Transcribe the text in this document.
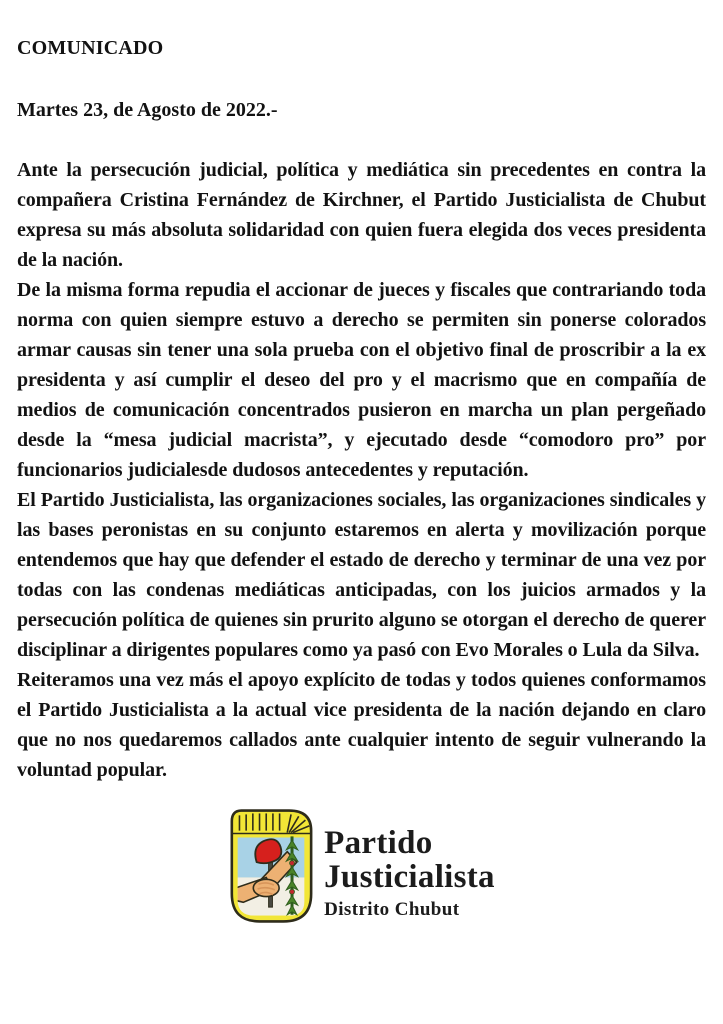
COMUNICADO
Martes 23, de Agosto de 2022.-

Ante la persecución judicial, política y mediática sin precedentes en contra la compañera Cristina Fernández de Kirchner, el Partido Justicialista de Chubut expresa su más absoluta solidaridad con quien fuera elegida dos veces presidenta de la nación.

De la misma forma repudia el accionar de jueces y fiscales que contrariando toda norma con quien siempre estuvo a derecho se permiten sin ponerse colorados armar causas sin tener una sola prueba con el objetivo final de proscribir a la ex presidenta y así cumplir el deseo del pro y el macrismo que en compañía de medios de comunicación concentrados pusieron en marcha un plan pergeñado desde la “mesa judicial macrista”, y ejecutado desde “comodoro pro” por funcionarios judicialesde dudosos antecedentes y reputación.

El Partido Justicialista, las organizaciones sociales, las organizaciones sindicales y las bases peronistas en su conjunto estaremos en alerta y movilización porque entendemos que hay que defender el estado de derecho y terminar de una vez por todas con las condenas mediáticas anticipadas, con los juicios armados y la persecución política de quienes sin prurito alguno se otorgan el derecho de querer disciplinar a dirigentes populares como ya pasó con Evo Morales o Lula da Silva.

Reiteramos una vez más el apoyo explícito de todas y todos quienes conformamos el Partido Justicialista a la actual vice presidenta de la nación dejando en claro que no nos quedaremos callados ante cualquier intento de seguir vulnerando la voluntad popular.

Partido
Justicialista
Distrito Chubut
